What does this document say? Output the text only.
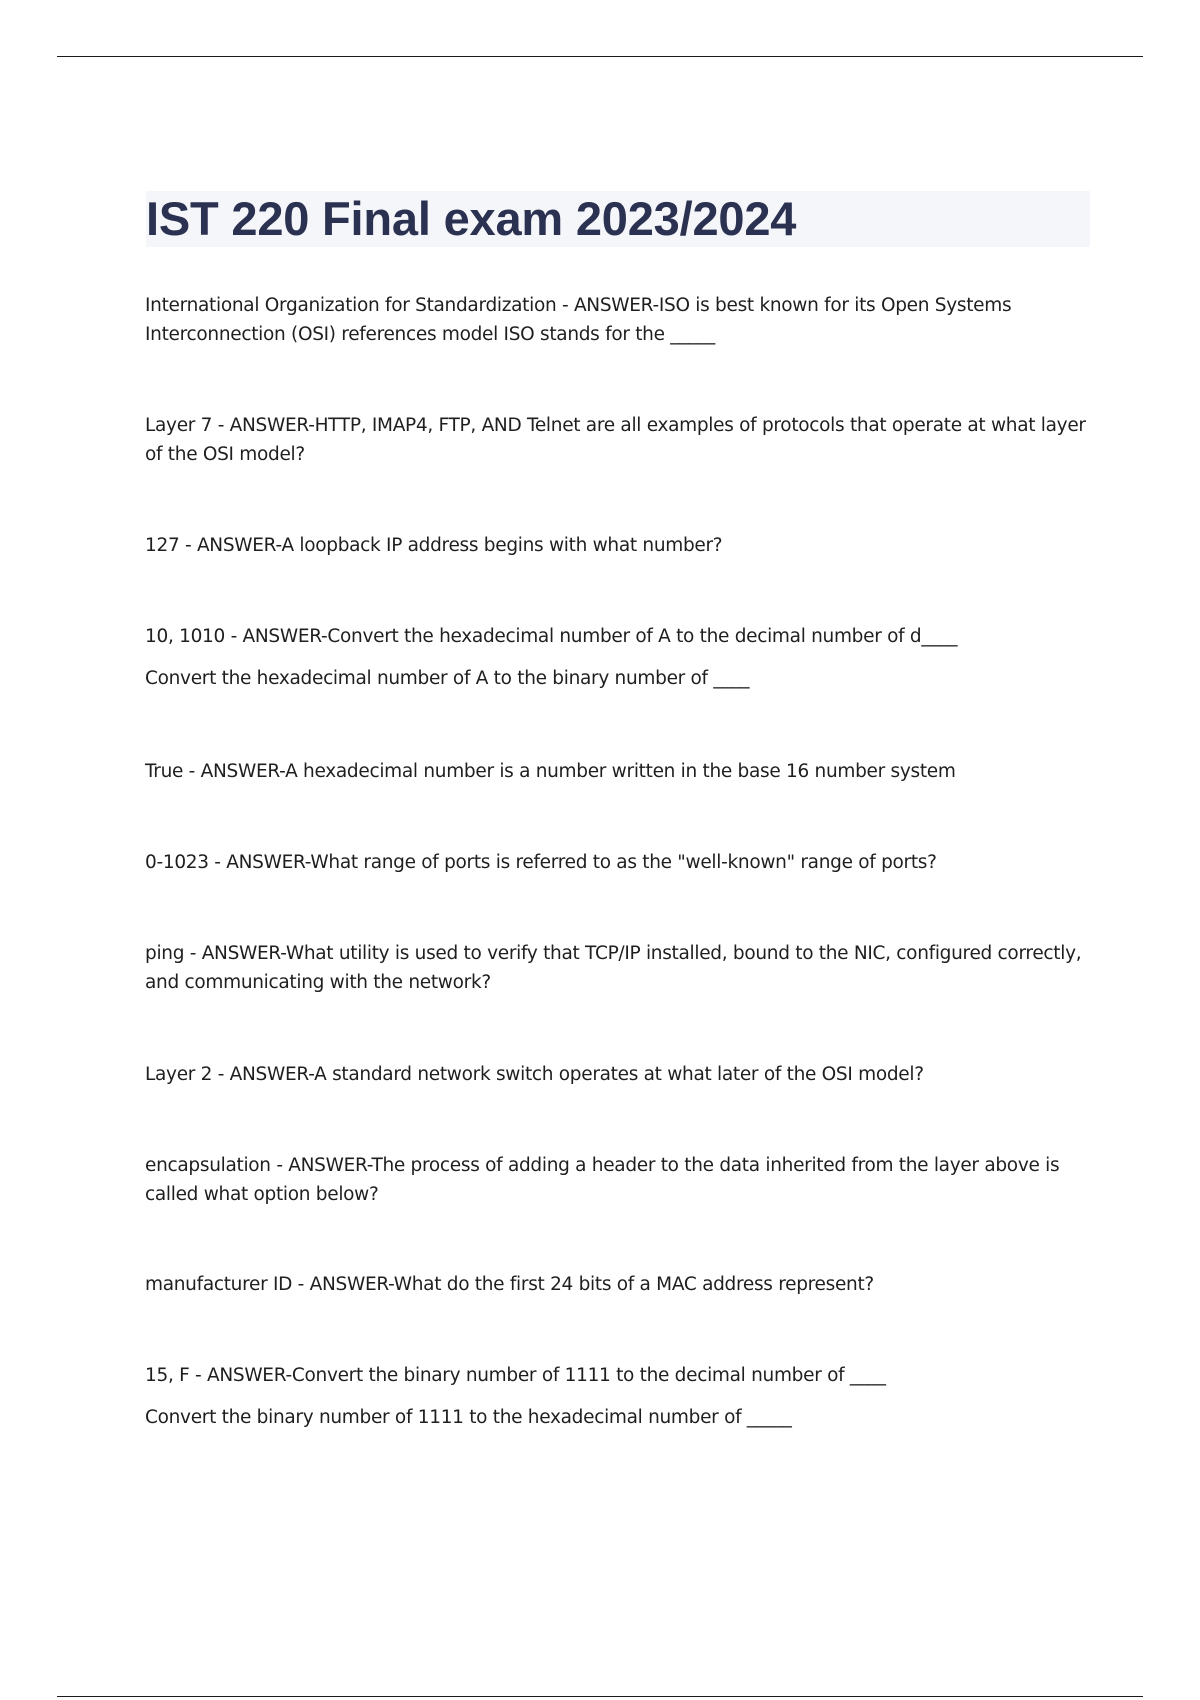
IST 220 Final exam 2023/2024

International Organization for Standardization - ANSWER-ISO is best known for its Open Systems Interconnection (OSI) references model ISO stands for the _____

Layer 7 - ANSWER-HTTP, IMAP4, FTP, AND Telnet are all examples of protocols that operate at what layer of the OSI model?

127 - ANSWER-A loopback IP address begins with what number?

10, 1010 - ANSWER-Convert the hexadecimal number of A to the decimal number of d____

Convert the hexadecimal number of A to the binary number of ____

True - ANSWER-A hexadecimal number is a number written in the base 16 number system

0-1023 - ANSWER-What range of ports is referred to as the "well-known" range of ports?

ping - ANSWER-What utility is used to verify that TCP/IP installed, bound to the NIC, configured correctly, and communicating with the network?

Layer 2 - ANSWER-A standard network switch operates at what later of the OSI model?

encapsulation - ANSWER-The process of adding a header to the data inherited from the layer above is called what option below?

manufacturer ID - ANSWER-What do the first 24 bits of a MAC address represent?

15, F - ANSWER-Convert the binary number of 1111 to the decimal number of ____

Convert the binary number of 1111 to the hexadecimal number of _____
